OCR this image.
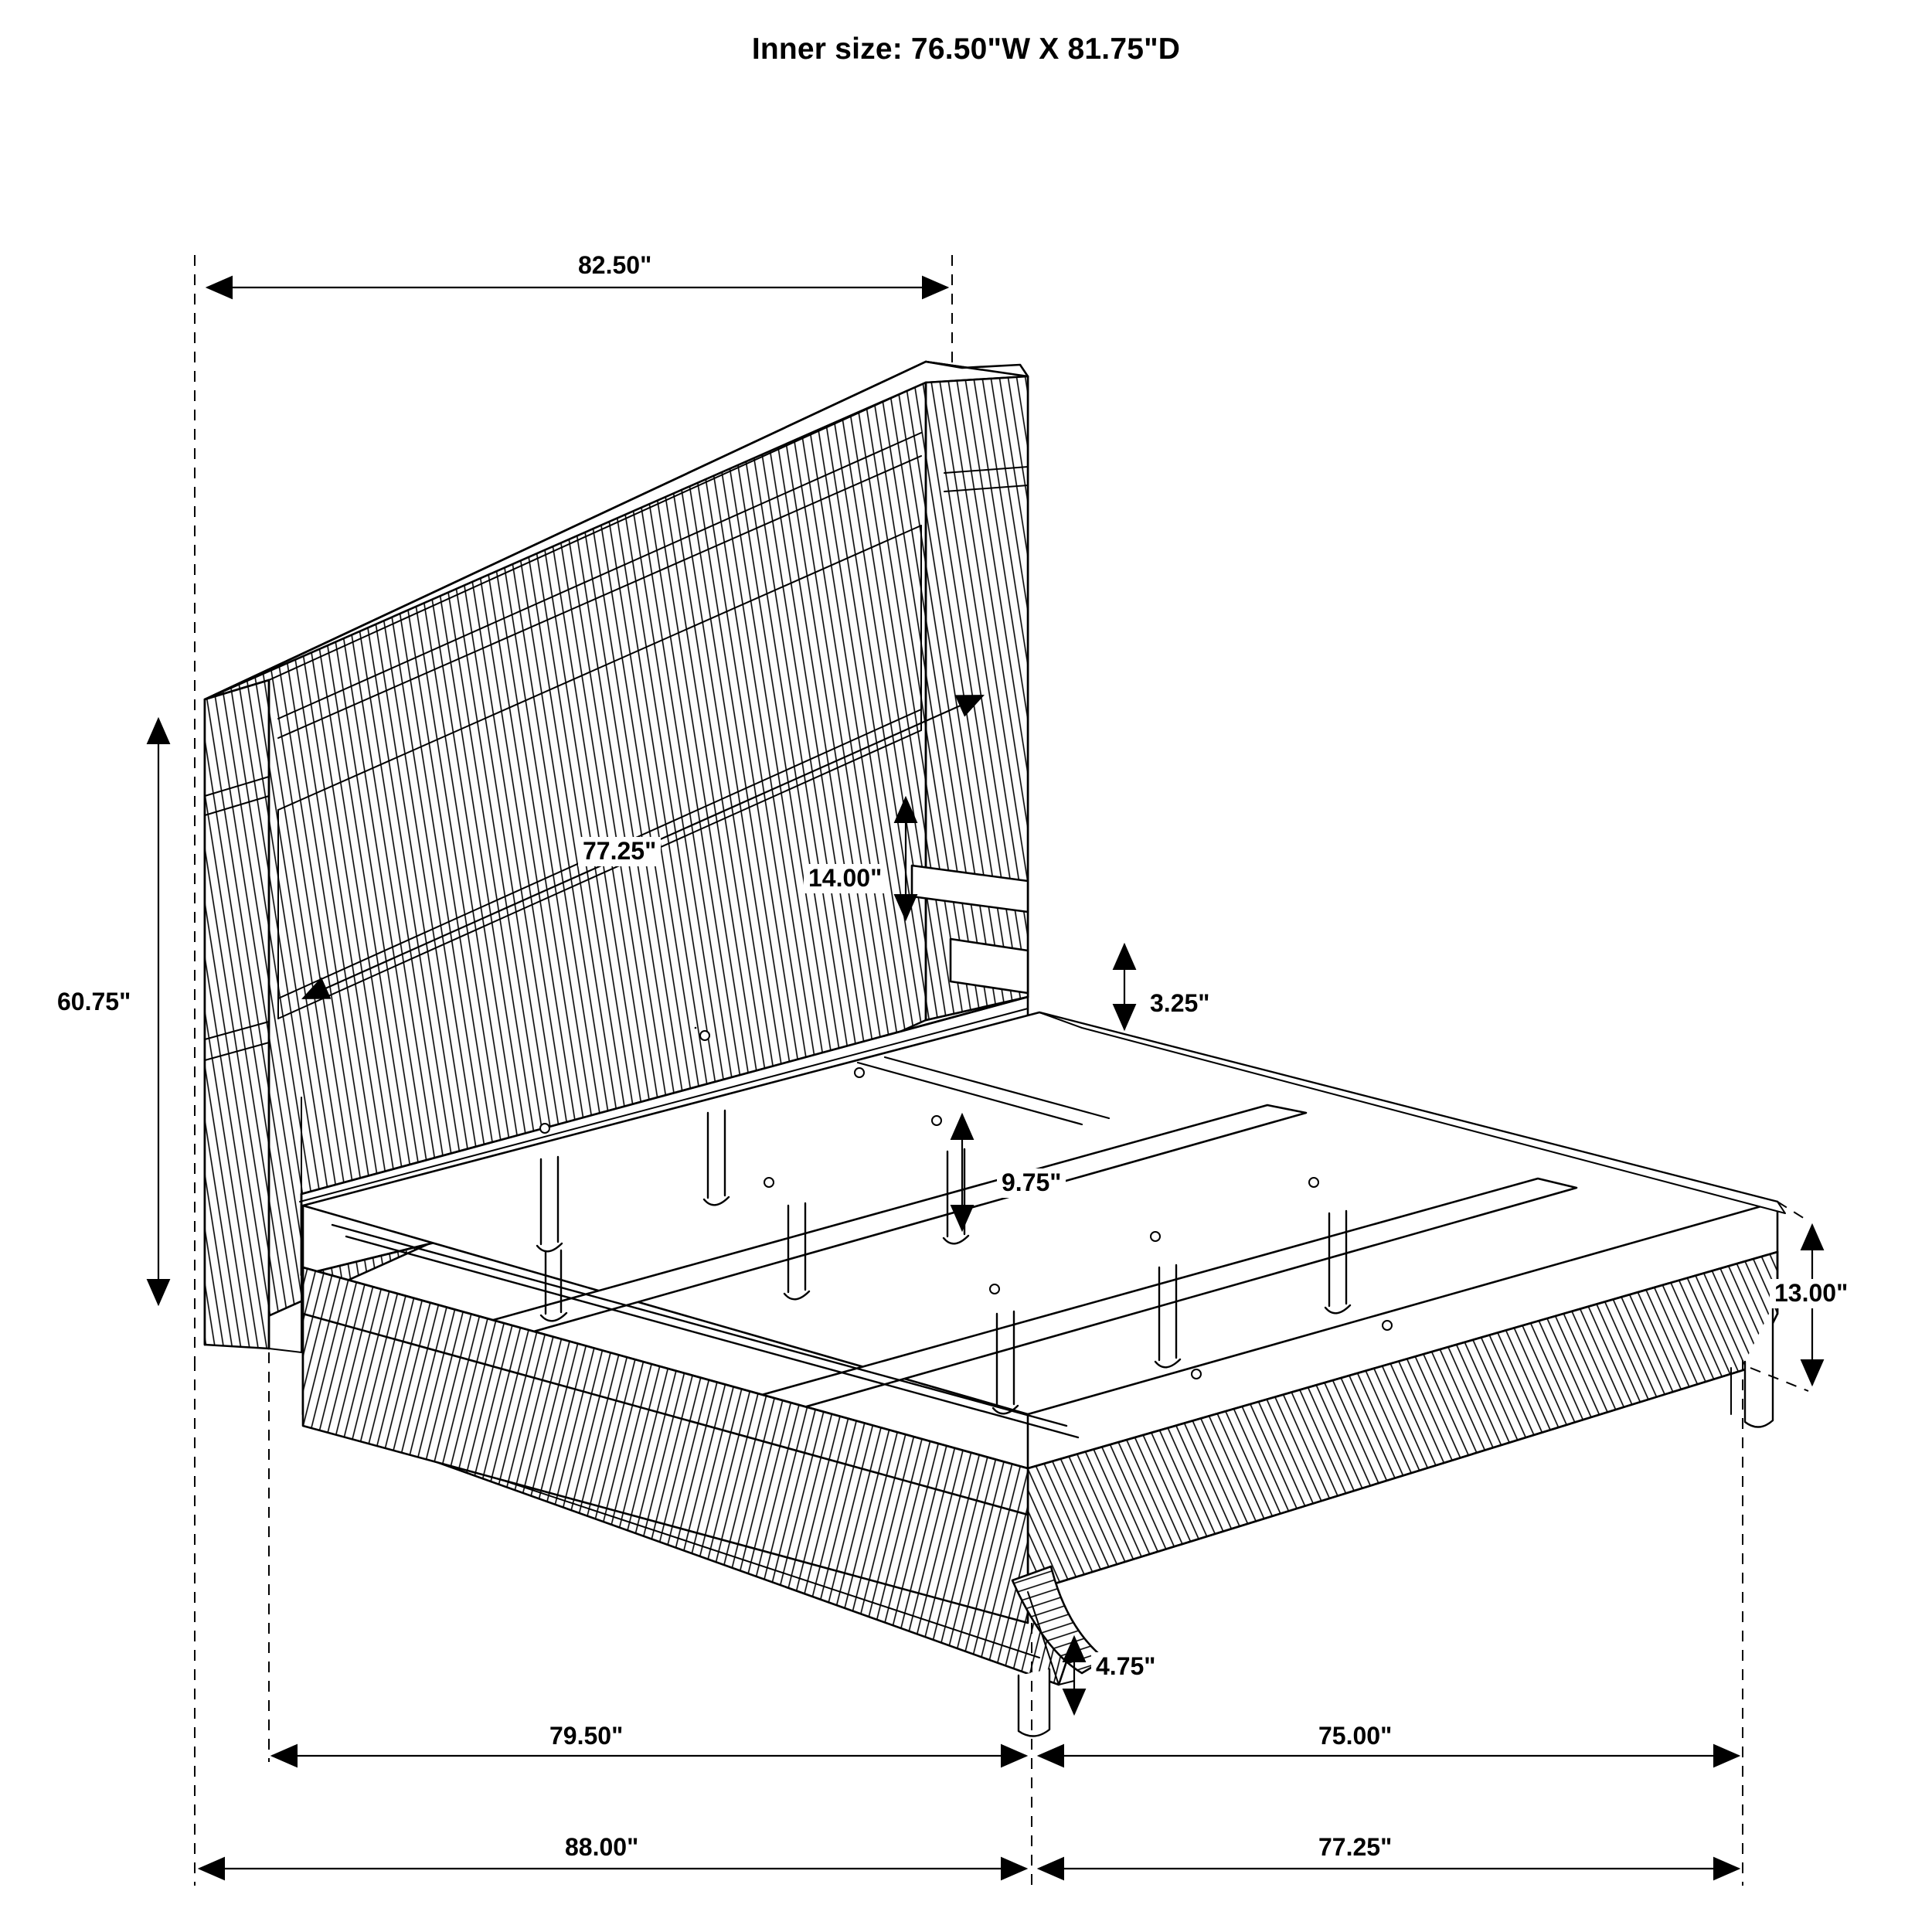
Inner size: 76.50"W X 81.75"D
82.50"
60.75"
77.25"
14.00"
3.25"
9.75"
13.00"
4.75"
79.50"	75.00"
88.00"	77.25"
